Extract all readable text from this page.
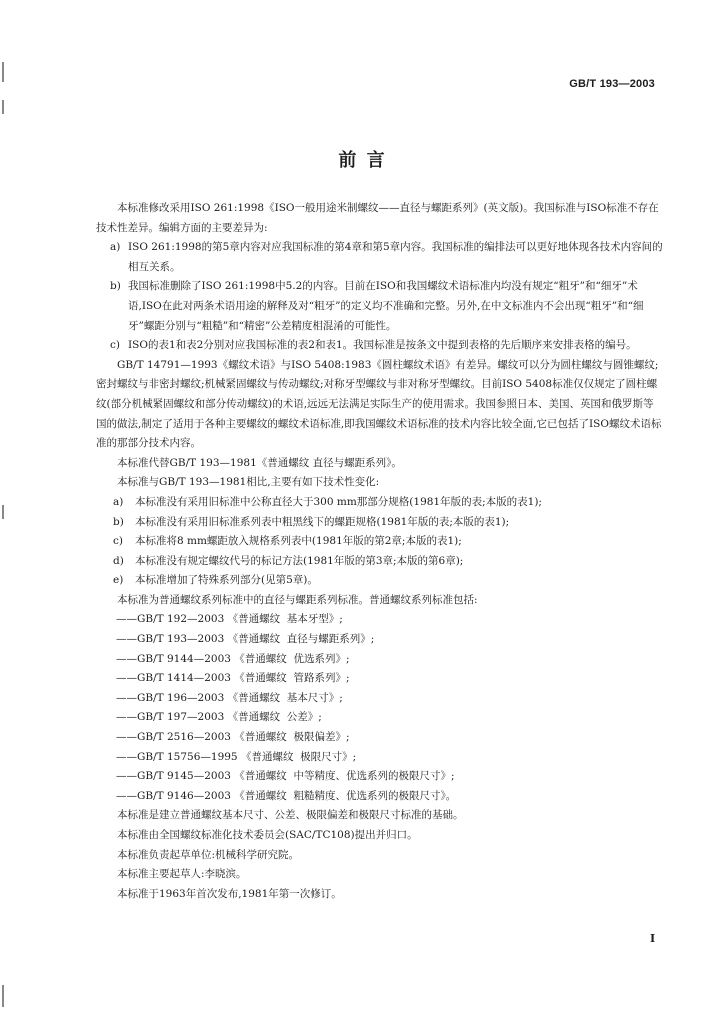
GB/T 193—2003
前 言

本标准修改采用ISO 261:1998《ISO一般用途米制螺纹——直径与螺距系列》(英文版)。我国标准与ISO标准不存在技术性差异。编辑方面的主要差异为:

a) ISO 261:1998的第5章内容对应我国标准的第4章和第5章内容。我国标准的编排法可以更好地体现各技术内容间的相互关系。
b) 我国标准删除了ISO 261:1998中5.2的内容。目前在ISO和我国螺纹术语标准内均没有规定“粗牙”和“细牙”术语,ISO在此对两条术语用途的解释及对“粗牙”的定义均不准确和完整。另外,在中文标准内不会出现“粗牙”和“细牙”螺距分别与“粗糙”和“精密”公差精度相混淆的可能性。
c) ISO的表1和表2分别对应我国标准的表2和表1。我国标准是按条文中提到表格的先后顺序来安排表格的编号。

GB/T 14791—1993《螺纹术语》与ISO 5408:1983《圆柱螺纹术语》有差异。螺纹可以分为圆柱螺纹与圆锥螺纹;密封螺纹与非密封螺纹;机械紧固螺纹与传动螺纹;对称牙型螺纹与非对称牙型螺纹。目前ISO 5408标准仅仅规定了圆柱螺纹(部分机械紧固螺纹和部分传动螺纹)的术语,远远无法满足实际生产的使用需求。我国参照日本、美国、英国和俄罗斯等国的做法,制定了适用于各种主要螺纹的螺纹术语标准,即我国螺纹术语标准的技术内容比较全面,它已包括了ISO螺纹术语标准的那部分技术内容。

本标准代替GB/T 193—1981《普通螺纹 直径与螺距系列》。

本标准与GB/T 193—1981相比,主要有如下技术性变化:

a) 本标准没有采用旧标准中公称直径大于300 mm那部分规格(1981年版的表;本版的表1);
b) 本标准没有采用旧标准系列表中粗黑线下的螺距规格(1981年版的表;本版的表1);
c) 本标准将8 mm螺距放入规格系列表中(1981年版的第2章;本版的表1);
d) 本标准没有规定螺纹代号的标记方法(1981年版的第3章;本版的第6章);
e) 本标准增加了特殊系列部分(见第5章)。

本标准为普通螺纹系列标准中的直径与螺距系列标准。普通螺纹系列标准包括:

——GB/T 192—2003 《普通螺纹  基本牙型》;

——GB/T 193—2003 《普通螺纹  直径与螺距系列》;

——GB/T 9144—2003 《普通螺纹  优选系列》;

——GB/T 1414—2003 《普通螺纹  管路系列》;

——GB/T 196—2003 《普通螺纹  基本尺寸》;

——GB/T 197—2003 《普通螺纹  公差》;

——GB/T 2516—2003 《普通螺纹  极限偏差》;

——GB/T 15756—1995 《普通螺纹  极限尺寸》;

——GB/T 9145—2003 《普通螺纹  中等精度、优选系列的极限尺寸》;

——GB/T 9146—2003 《普通螺纹  粗糙精度、优选系列的极限尺寸》。

本标准是建立普通螺纹基本尺寸、公差、极限偏差和极限尺寸标准的基础。

本标准由全国螺纹标准化技术委员会(SAC/TC108)提出并归口。

本标准负责起草单位:机械科学研究院。

本标准主要起草人:李晓滨。

本标准于1963年首次发布,1981年第一次修订。

I
